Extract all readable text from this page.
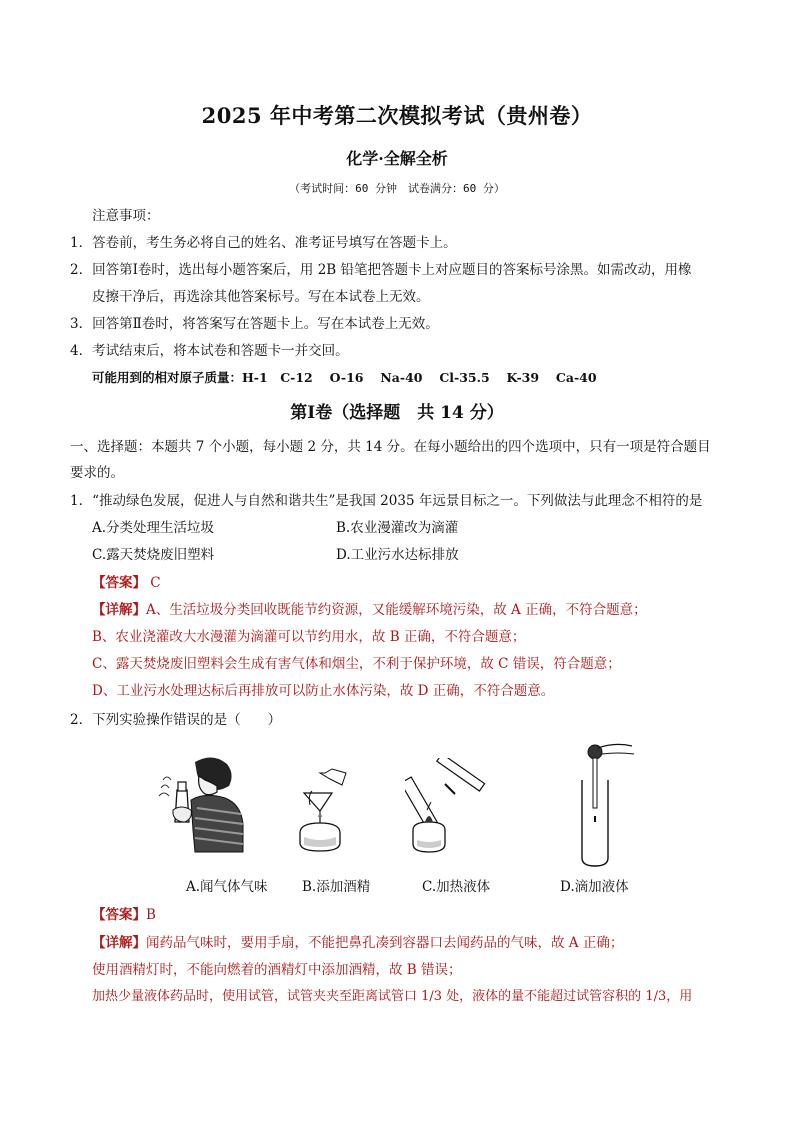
2025 年中考第二次模拟考试（贵州卷）
化学·全解全析
（考试时间：60 分钟　试卷满分：60 分）
注意事项：
1．答卷前，考生务必将自己的姓名、准考证号填写在答题卡上。
2．回答第Ⅰ卷时，选出每小题答案后，用 2B 铅笔把答题卡上对应题目的答案标号涂黑。如需改动，用橡
皮擦干净后，再选涂其他答案标号。写在本试卷上无效。
3．回答第Ⅱ卷时，将答案写在答题卡上。写在本试卷上无效。
4．考试结束后，将本试卷和答题卡一并交回。
可能用到的相对原子质量：H-1　C-12　 O-16　 Na-40　 Cl-35.5　 K-39　 Ca-40
第Ⅰ卷（选择题　共 14 分）
一、选择题：本题共 7 个小题，每小题 2 分，共 14 分。在每小题给出的四个选项中，只有一项是符合题目
要求的。
1．“推动绿色发展，促进人与自然和谐共生”是我国 2035 年远景目标之一。下列做法与此理念不相符的是
A.分类处理生活垃圾	B.农业漫灌改为滴灌
C.露天焚烧废旧塑料	D.工业污水达标排放
【答案】 C
【详解】A、生活垃圾分类回收既能节约资源，又能缓解环境污染，故 A 正确，不符合题意；
B、农业浇灌改大水漫灌为滴灌可以节约用水，故 B 正确，不符合题意；
C、露天焚烧废旧塑料会生成有害气体和烟尘，不利于保护环境，故 C 错误，符合题意；
D、工业污水处理达标后再排放可以防止水体污染，故 D 正确，不符合题意。
2．下列实验操作错误的是（　　）
A.闻气体气味	B.添加酒精	C.加热液体	D.滴加液体
【答案】B
【详解】闻药品气味时，要用手扇，不能把鼻孔凑到容器口去闻药品的气味，故 A 正确；
使用酒精灯时，不能向燃着的酒精灯中添加酒精，故 B 错误；
加热少量液体药品时，使用试管，试管夹夹至距离试管口 1/3 处，液体的量不能超过试管容积的 1/3，用
